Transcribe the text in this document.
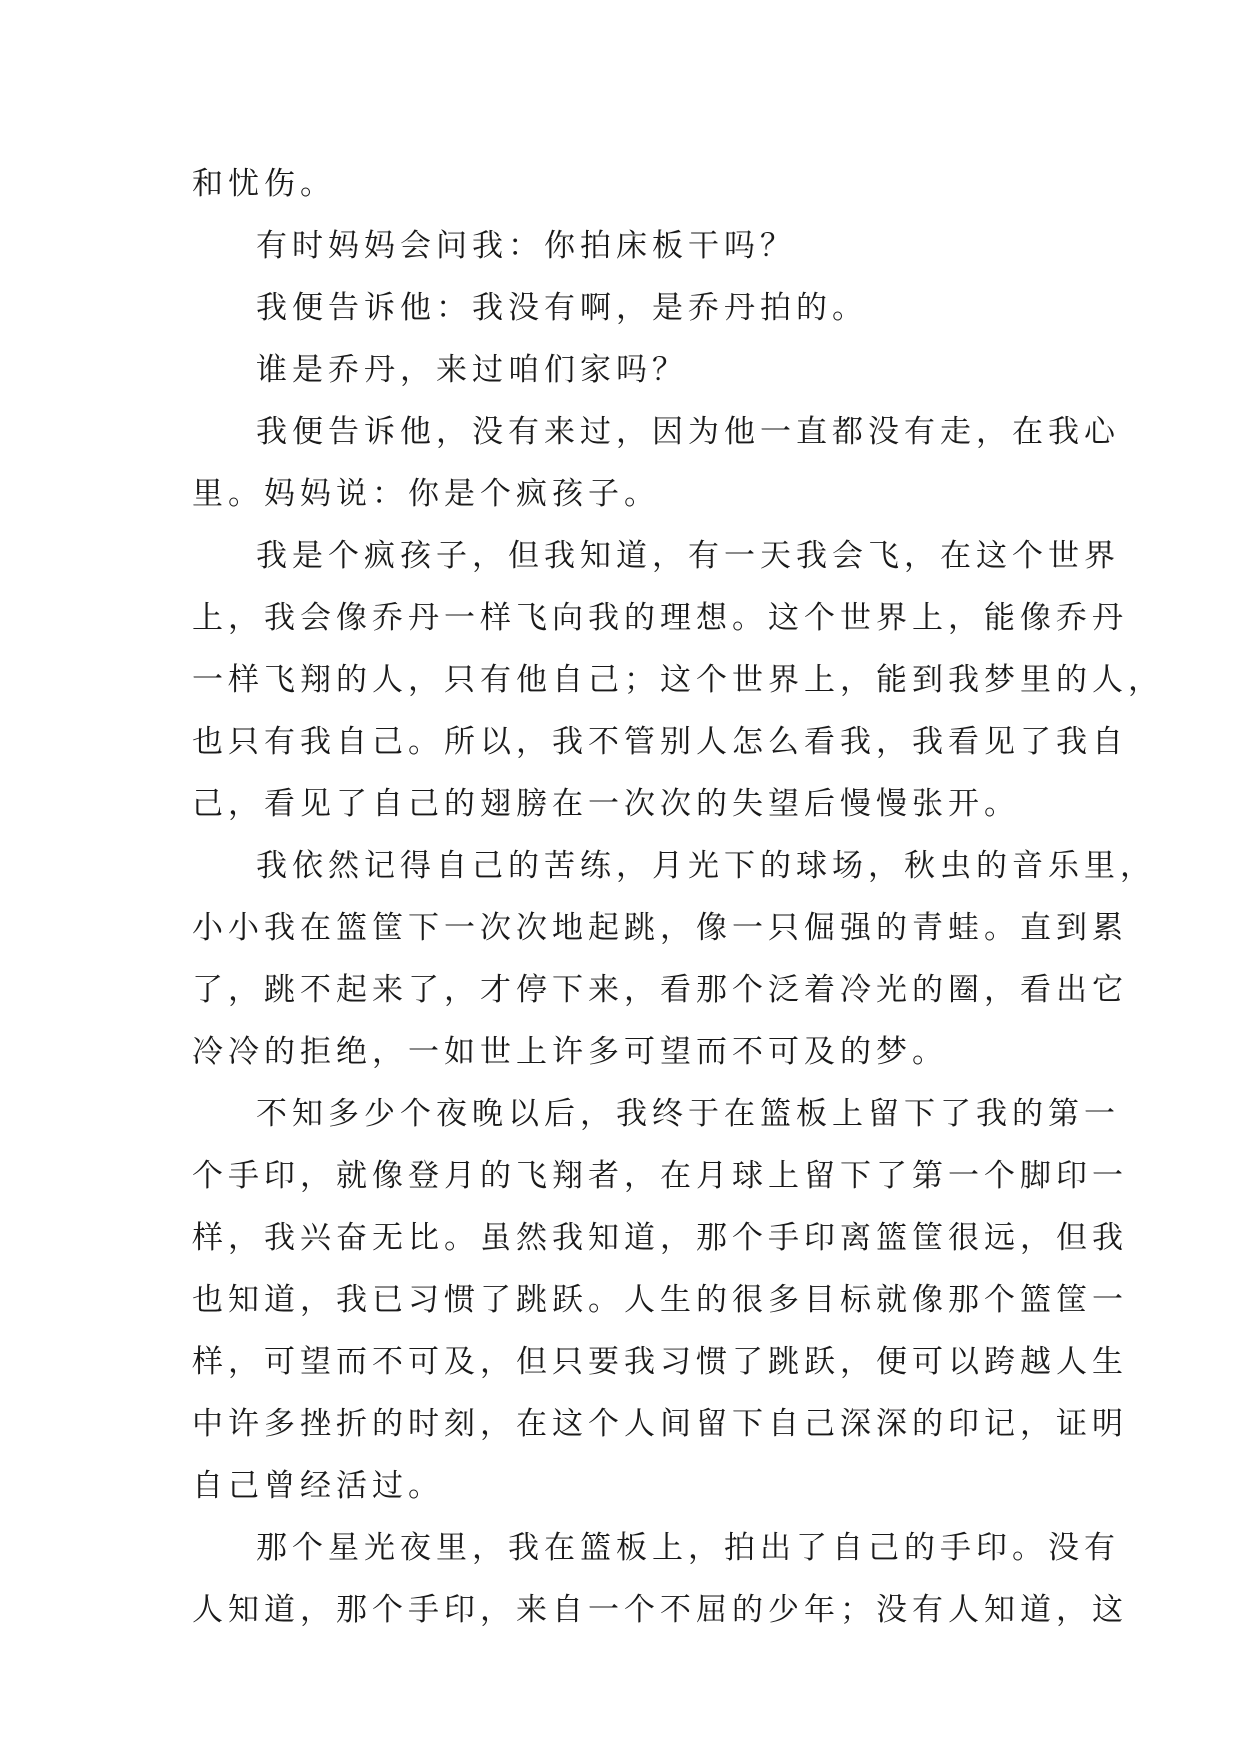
和忧伤。
有时妈妈会问我：你拍床板干吗？
我便告诉他：我没有啊，是乔丹拍的。
谁是乔丹，来过咱们家吗？
我便告诉他，没有来过，因为他一直都没有走，在我心
里。妈妈说：你是个疯孩子。
我是个疯孩子，但我知道，有一天我会飞，在这个世界
上，我会像乔丹一样飞向我的理想。这个世界上，能像乔丹
一样飞翔的人，只有他自己；这个世界上，能到我梦里的人，
也只有我自己。所以，我不管别人怎么看我，我看见了我自
己，看见了自己的翅膀在一次次的失望后慢慢张开。
我依然记得自己的苦练，月光下的球场，秋虫的音乐里，
小小我在篮筐下一次次地起跳，像一只倔强的青蛙。直到累
了，跳不起来了，才停下来，看那个泛着冷光的圈，看出它
冷冷的拒绝，一如世上许多可望而不可及的梦。
不知多少个夜晚以后，我终于在篮板上留下了我的第一
个手印，就像登月的飞翔者，在月球上留下了第一个脚印一
样，我兴奋无比。虽然我知道，那个手印离篮筐很远，但我
也知道，我已习惯了跳跃。人生的很多目标就像那个篮筐一
样，可望而不可及，但只要我习惯了跳跃，便可以跨越人生
中许多挫折的时刻，在这个人间留下自己深深的印记，证明
自己曾经活过。
那个星光夜里，我在篮板上，拍出了自己的手印。没有
人知道，那个手印，来自一个不屈的少年；没有人知道，这
